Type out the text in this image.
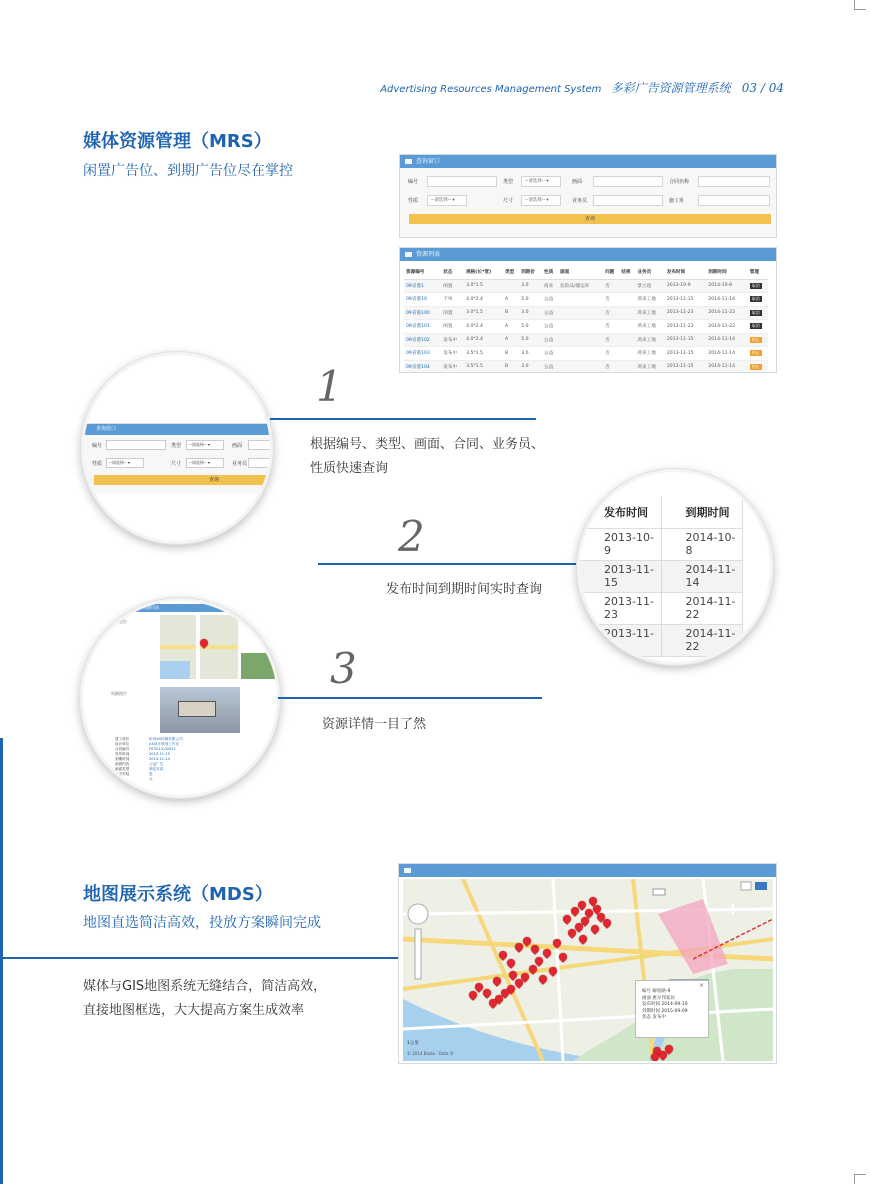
Advertising Resources Management System 多彩广告资源管理系统 03 / 04
媒体资源管理（MRS）
闲置广告位、到期广告位尽在掌控
查询窗口
编号	类型	--请选择-- ▾	画面	合同名称
性质	--请选择-- ▾	尺寸	--请选择-- ▾	业务员	施工单
查询
资源列表
资源编号	状态	规格(长*宽)	类型	到期价	性质	画面	问题	结果	业务员	发布时间	到期时间	管理
09省港1	闲置	3.0*1.5		3.0	商业	危险品/储运库	否		景立超	2013-10-9	2014-10-8	取消
09省港10	下单	4.0*2.4	A	5.0	公益		否		鸿来工地	2013-11-15	2014-11-14	取消
09省港100	闲置	3.0*1.5	B	3.0	公益		否		鸿来工地	2013-11-23	2014-11-22	取消
09省港101	闲置	4.0*2.4	A	5.0	公益		否		鸿来工地	2013-11-23	2014-11-22	取消
09省港102	发布中	4.0*2.4	A	5.0	公益		否		鸿来工地	2013-11-15	2014-11-14	停止
09省港103	发布中	3.5*1.5	B	3.0	公益		否		鸿来工地	2013-11-15	2014-11-14	停止
09省港104	发布中	3.5*1.5	B	3.0	公益		否		鸿来工地	2013-11-15	2014-11-14	停止
查询窗口
编号	类型	--请选择-- ▾	画面
性质	--请选择-- ▾	尺寸	--请选择-- ▾	业务员
查询
1
根据编号、类型、画面、合同、业务员、
性质快速查询
2
发布时间到期时间实时查询
发布时间	到期时间
2013-10-9	2014-10-8
2013-11-15	2014-11-14
2013-11-23	2014-11-22
2013-11-23	2014-11-22
资源详情
资源定位
资源图片
建工单位	杭州XX传媒有限公司
设计单位	XX设计策划工作室
合同编号	HT2013-00021
发布时间	2013-11-15
到期时间	2014-11-14
画面内容	公益广告
画面类型	喷绘写真
是否安装	是
备注	无
3
资源详情一目了然
地图展示系统（MDS）
地图直选简洁高效，投放方案瞬间完成
媒体与GIS地图系统无缝结合，简洁高效，
直接地图框选，大大提高方案生成效率
编号 解放路-9
画面 惠尔邦家居
发布时间 2014-09-10
到期时间 2015-09-09
状态 发布中
×
1公里
© 2014 Baidu · Data ©
